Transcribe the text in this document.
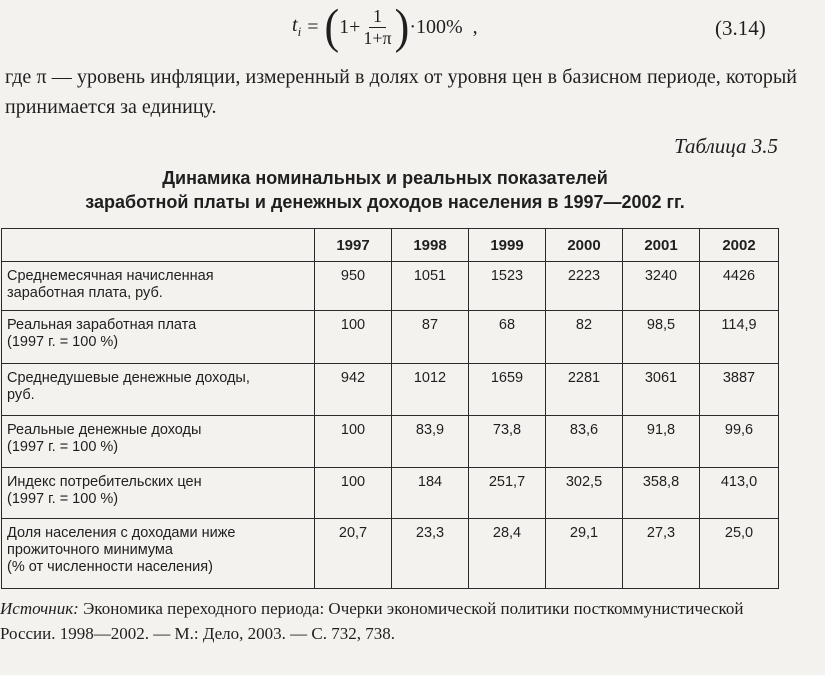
$t_i$ = ( $1+ \frac{1}{1+\pi}$ ) ·100% ,	(3.14)

где π — уровень инфляции, измеренный в долях от уровня цен в базисном периоде, который принимается за единицу.

Таблица 3.5
Динамика номинальных и реальных показателей
заработной платы и денежных доходов населения в 1997—2002 гг.
	1997	1998	1999	2000	2001	2002

Среднемесячная начисленная
заработная плата, руб.	950	1051	1523	2223	3240	4426

Реальная заработная плата
(1997 г. = 100 %)	100	87	68	82	98,5	114,9

Среднедушевые денежные доходы,
руб.	942	1012	1659	2281	3061	3887

Реальные денежные доходы
(1997 г. = 100 %)	100	83,9	73,8	83,6	91,8	99,6

Индекс потребительских цен
(1997 г. = 100 %)	100	184	251,7	302,5	358,8	413,0

Доля населения с доходами ниже
прожиточного минимума
(% от численности населения)	20,7	23,3	28,4	29,1	27,3	25,0

Источник: Экономика переходного периода: Очерки экономической политики посткоммунистической России. 1998—2002. — М.: Дело, 2003. — С. 732, 738.
